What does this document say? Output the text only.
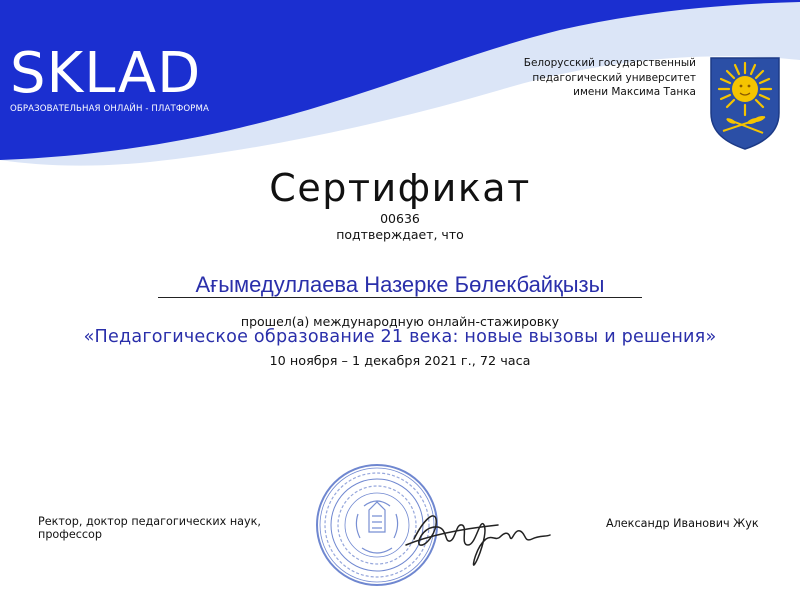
SKLAD
ОБРАЗОВАТЕЛЬНАЯ ОНЛАЙН - ПЛАТФОРМА
Белорусский государственный
педагогический университет
имени Максима Танка
Сертификат
00636
подтверждает, что
Ағымедуллаева Назерке Бөлекбайқызы
прошел(а) международную онлайн-стажировку
«Педагогическое образование 21 века: новые вызовы и решения»
10 ноября – 1 декабря 2021 г., 72 часа
Ректор, доктор педагогических наук, профессор
Александр Иванович Жук
